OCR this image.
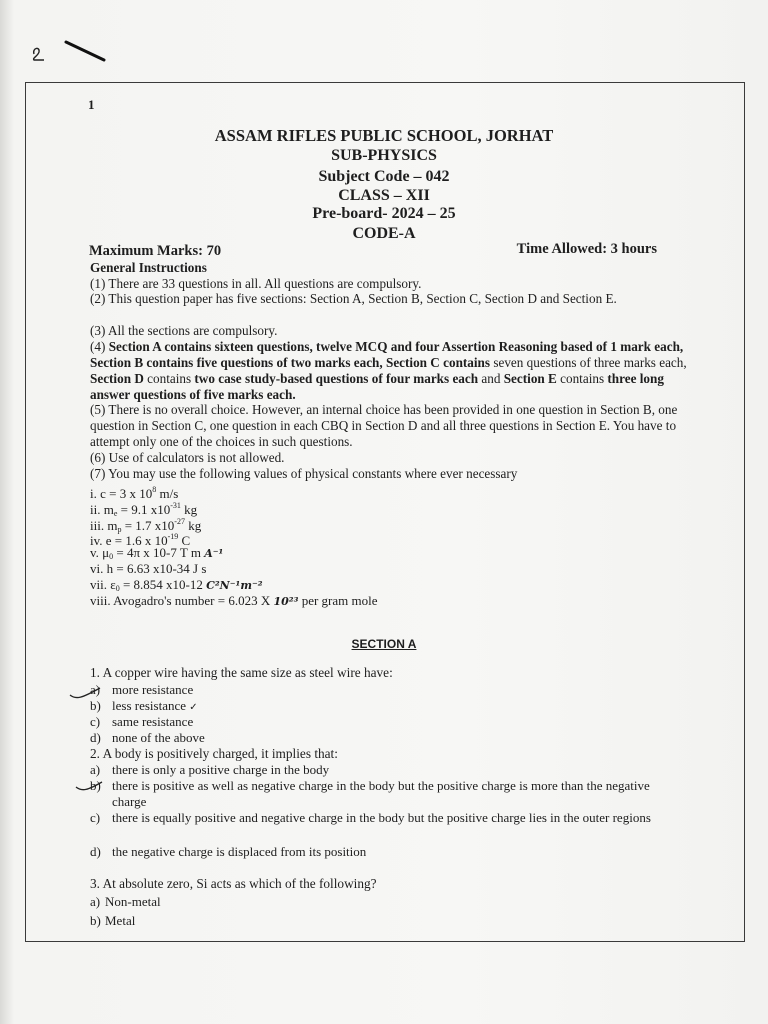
1
ASSAM RIFLES PUBLIC SCHOOL, JORHAT
SUB-PHYSICS
Subject Code – 042
CLASS – XII
Pre-board- 2024 – 25
CODE-A
Maximum Marks: 70	Time Allowed: 3 hours
General Instructions
(1) There are 33 questions in all. All questions are compulsory.
(2) This question paper has five sections: Section A, Section B, Section C, Section D and Section E.
(3) All the sections are compulsory.
(4) Section A contains sixteen questions, twelve MCQ and four Assertion Reasoning based of 1 mark each, Section B contains five questions of two marks each, Section C contains seven questions of three marks each, Section D contains two case study-based questions of four marks each and Section E contains three long answer questions of five marks each.
(5) There is no overall choice. However, an internal choice has been provided in one question in Section B, one question in Section C, one question in each CBQ in Section D and all three questions in Section E. You have to attempt only one of the choices in such questions.
(6) Use of calculators is not allowed.
(7) You may use the following values of physical constants where ever necessary
i. c = 3 x $10^8$ m/s
ii. $m_e = 9.1$ $x10^{-31}$ kg
iii. $m_p = 1.7$ $x10^{-27}$ kg
iv. e = 1.6 x $10^{-19}$ C
v. $\mu_0 = 4\pi$ x 10-7 T m A⁻¹
vi. h = 6.63 x10-34 J s
vii. $\varepsilon_0 = 8.854$ x10-12 C²N⁻¹m⁻²
viii. Avogadro's number = 6.023 X 10²³ per gram mole
SECTION A
1. A copper wire having the same size as steel wire have:
a) more resistance
b) less resistance ✓
c) same resistance
d) none of the above
2. A body is positively charged, it implies that:
a) there is only a positive charge in the body
b) there is positive as well as negative charge in the body but the positive charge is more than the negative charge
c) there is equally positive and negative charge in the body but the positive charge lies in the outer regions
d) the negative charge is displaced from its position
3. At absolute zero, Si acts as which of the following?
a) Non-metal
b) Metal
